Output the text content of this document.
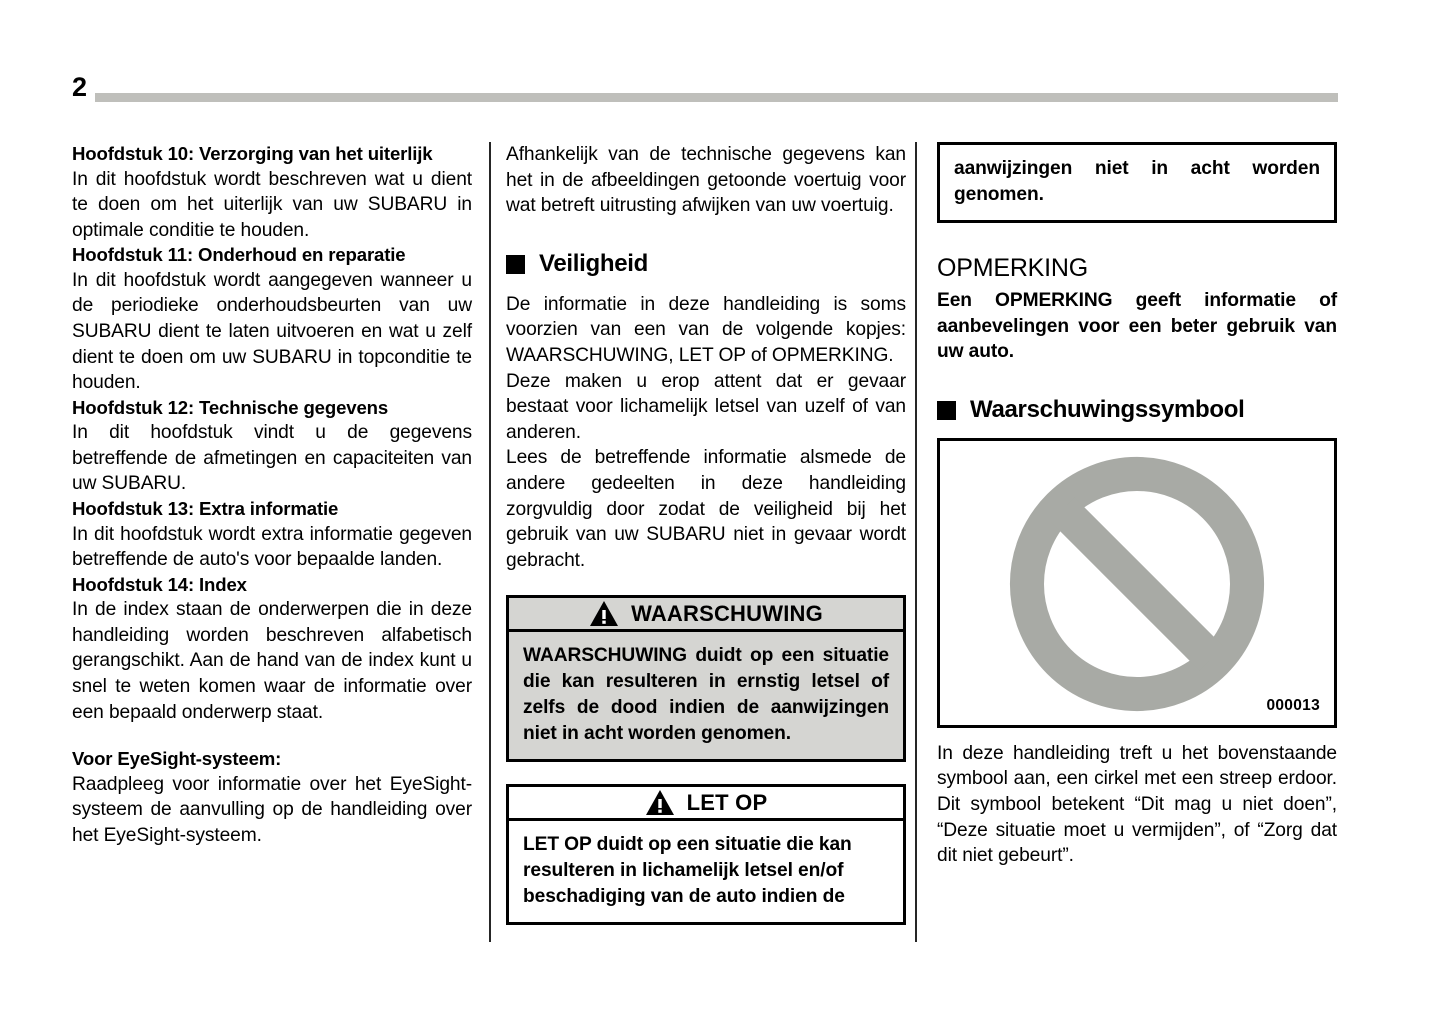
2
Hoofdstuk 10: Verzorging van het uiterlijk

In dit hoofdstuk wordt beschreven wat u dient te doen om het uiterlijk van uw SUBARU in optimale conditie te houden.

Hoofdstuk 11: Onderhoud en reparatie

In dit hoofdstuk wordt aangegeven wanneer u de periodieke onderhoudsbeurten van uw SUBARU dient te laten uitvoeren en wat u zelf dient te doen om uw SUBARU in topconditie te houden.

Hoofdstuk 12: Technische gegevens

In dit hoofdstuk vindt u de gegevens betreffende de afmetingen en capaciteiten van uw SUBARU.

Hoofdstuk 13: Extra informatie

In dit hoofdstuk wordt extra informatie gegeven betreffende de auto's voor bepaalde landen.

Hoofdstuk 14: Index

In de index staan de onderwerpen die in deze handleiding worden beschreven alfabetisch gerangschikt. Aan de hand van de index kunt u snel te weten komen waar de informatie over een bepaald onderwerp staat.

Voor EyeSight-systeem:

Raadpleeg voor informatie over het EyeSight-systeem de aanvulling op de handleiding over het EyeSight-systeem.

Afhankelijk van de technische gegevens kan het in de afbeeldingen getoonde voertuig voor wat betreft uitrusting afwijken van uw voertuig.

Veiligheid

De informatie in deze handleiding is soms voorzien van een van de volgende kopjes: WAARSCHUWING, LET OP of OPMERKING.

Deze maken u erop attent dat er gevaar bestaat voor lichamelijk letsel van uzelf of van anderen.

Lees de betreffende informatie alsmede de andere gedeelten in deze handleiding zorgvuldig door zodat de veiligheid bij het gebruik van uw SUBARU niet in gevaar wordt gebracht.

WAARSCHUWING

WAARSCHUWING duidt op een situatie die kan resulteren in ernstig letsel of zelfs de dood indien de aanwijzingen niet in acht worden genomen.

LET OP

LET OP duidt op een situatie die kan resulteren in lichamelijk letsel en/of beschadiging van de auto indien de

aanwijzingen niet in acht worden genomen.

OPMERKING

Een OPMERKING geeft informatie of aanbevelingen voor een beter gebruik van uw auto.

Waarschuwingssymbool
000013

In deze handleiding treft u het bovenstaande symbool aan, een cirkel met een streep erdoor. Dit symbool betekent “Dit mag u niet doen”, “Deze situatie moet u vermijden”, of “Zorg dat dit niet gebeurt”.
